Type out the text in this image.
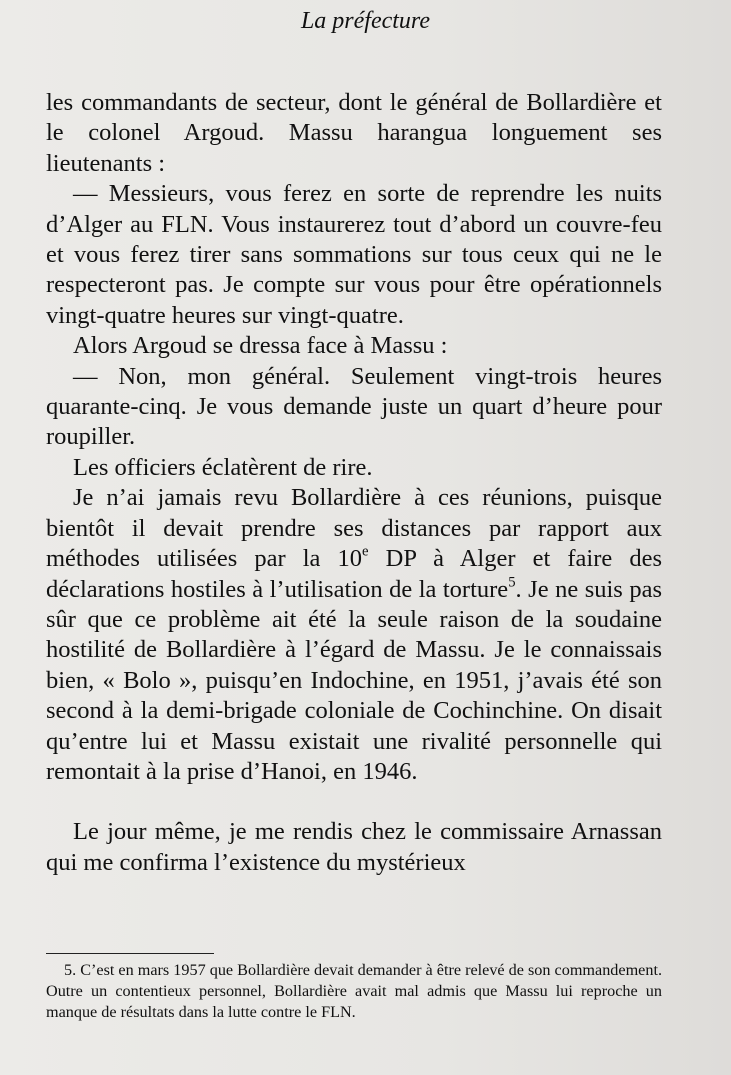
La préfecture

les commandants de secteur, dont le général de Bollardière et le colonel Argoud. Massu harangua longuement ses lieutenants :

— Messieurs, vous ferez en sorte de reprendre les nuits d’Alger au FLN. Vous instaurerez tout d’abord un couvre-feu et vous ferez tirer sans sommations sur tous ceux qui ne le respecteront pas. Je compte sur vous pour être opérationnels vingt-quatre heures sur vingt-quatre.

Alors Argoud se dressa face à Massu :

— Non, mon général. Seulement vingt-trois heures quarante-cinq. Je vous demande juste un quart d’heure pour roupiller.

Les officiers éclatèrent de rire.

Je n’ai jamais revu Bollardière à ces réunions, puisque bientôt il devait prendre ses distances par rapport aux méthodes utilisées par la 10e DP à Alger et faire des déclarations hostiles à l’utilisation de la torture$^5$. Je ne suis pas sûr que ce problème ait été la seule raison de la soudaine hostilité de Bollardière à l’égard de Massu. Je le connaissais bien, « Bolo », puisqu’en Indochine, en 1951, j’avais été son second à la demi-brigade coloniale de Cochinchine. On disait qu’entre lui et Massu existait une rivalité personnelle qui remontait à la prise d’Hanoi, en 1946.

Le jour même, je me rendis chez le commissaire Arnassan qui me confirma l’existence du mystérieux

5. C’est en mars 1957 que Bollardière devait demander à être relevé de son commandement. Outre un contentieux personnel, Bollardière avait mal admis que Massu lui reproche un manque de résultats dans la lutte contre le FLN.
